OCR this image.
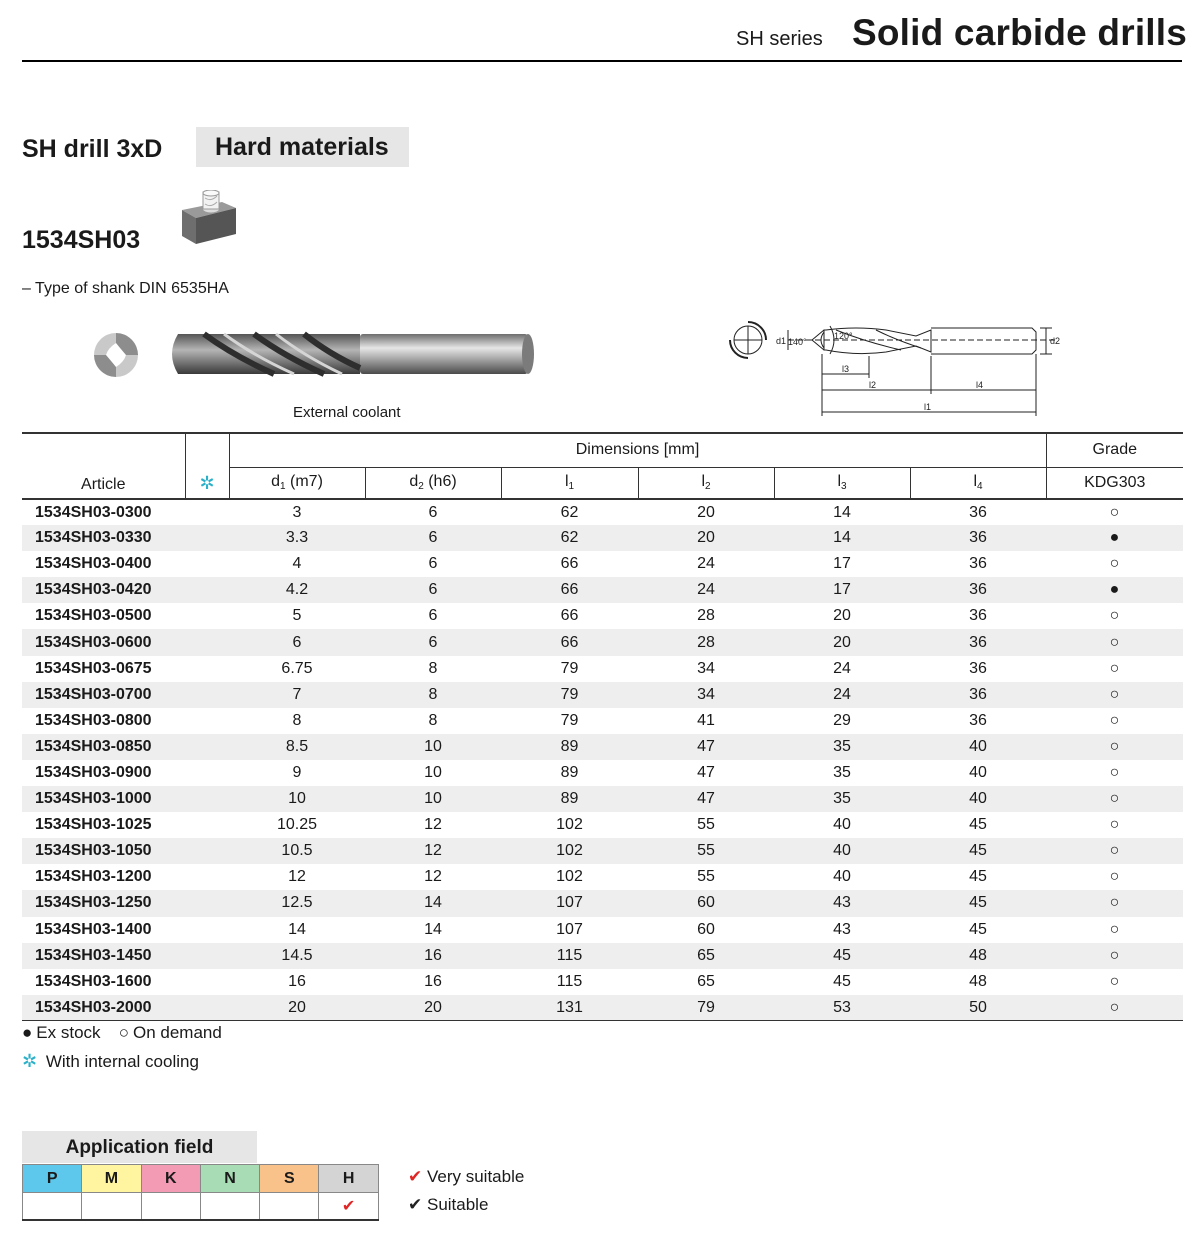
SH series Solid carbide drills
SH drill 3xD	Hard materials
1534SH03
– Type of shank DIN 6535HA
External coolant
d1 140°
120°	d2
l3
l2	l4
l1
Article	✲	Dimensions [mm]						Grade
		$d_1$ (m7)	$d_2$ (h6)	$l_1$	$l_2$	$l_3$	$l_4$	KDG303
1534SH03-0300		3	6	62	20	14	36	○
1534SH03-0330		3.3	6	62	20	14	36	●
1534SH03-0400		4	6	66	24	17	36	○
1534SH03-0420		4.2	6	66	24	17	36	●
1534SH03-0500		5	6	66	28	20	36	○
1534SH03-0600		6	6	66	28	20	36	○
1534SH03-0675		6.75	8	79	34	24	36	○
1534SH03-0700		7	8	79	34	24	36	○
1534SH03-0800		8	8	79	41	29	36	○
1534SH03-0850		8.5	10	89	47	35	40	○
1534SH03-0900		9	10	89	47	35	40	○
1534SH03-1000		10	10	89	47	35	40	○
1534SH03-1025		10.25	12	102	55	40	45	○
1534SH03-1050		10.5	12	102	55	40	45	○
1534SH03-1200		12	12	102	55	40	45	○
1534SH03-1250		12.5	14	107	60	43	45	○
1534SH03-1400		14	14	107	60	43	45	○
1534SH03-1450		14.5	16	115	65	45	48	○
1534SH03-1600		16	16	115	65	45	48	○
1534SH03-2000		20	20	131	79	53	50	○
● Ex stock ○ On demand
✲ With internal cooling
Application field
P	M	K	N	S	H
					✔
✔ Very suitable
✔ Suitable
